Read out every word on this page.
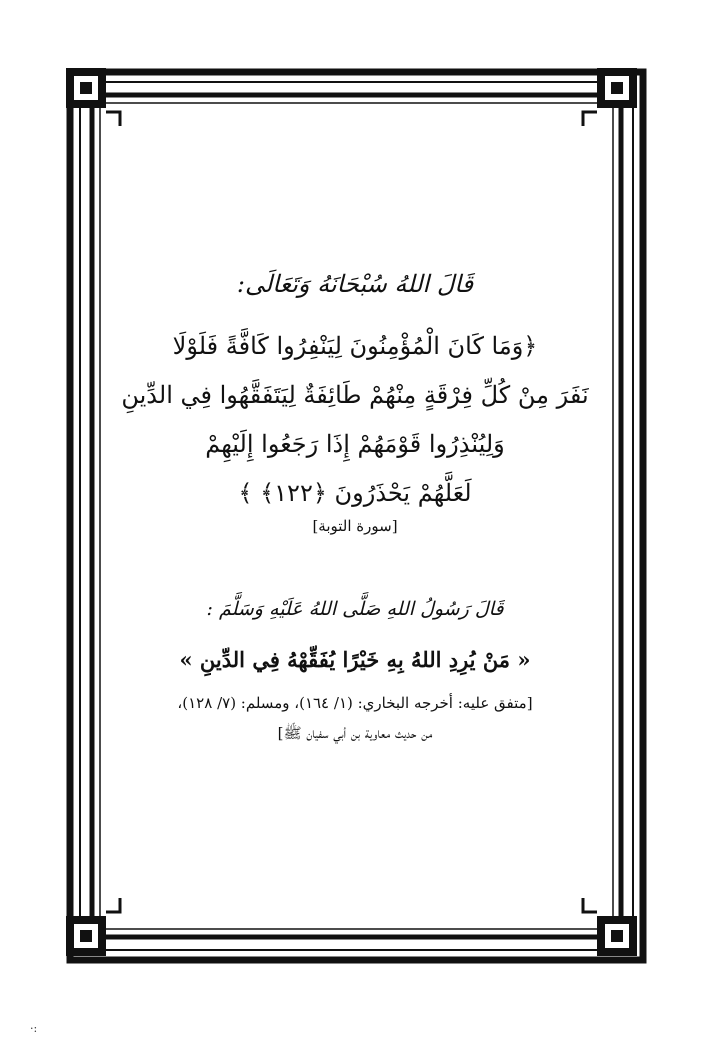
قَالَ اللهُ سُبْحَانَهُ وَتَعَالَى:
﴿وَمَا كَانَ الْمُؤْمِنُونَ لِيَنْفِرُوا كَافَّةً فَلَوْلَا
نَفَرَ مِنْ كُلِّ فِرْقَةٍ مِنْهُمْ طَائِفَةٌ لِيَتَفَقَّهُوا فِي الدِّينِ
وَلِيُنْذِرُوا قَوْمَهُمْ إِذَا رَجَعُوا إِلَيْهِمْ
لَعَلَّهُمْ يَحْذَرُونَ ﴿١٢٢﴾ ﴾
[سورة التوبة]
قَالَ رَسُولُ اللهِ صَلَّى اللهُ عَلَيْهِ وَسَلَّمَ :
« مَنْ يُرِدِ اللهُ بِهِ خَيْرًا يُفَقِّهْهُ فِي الدِّينِ »
[متفق عليه: أخرجه البخاري: (١/ ١٦٤)، ومسلم: (٧/ ١٢٨)،
من حديث معاوية بن أبي سفيان ﷺ]
·:
